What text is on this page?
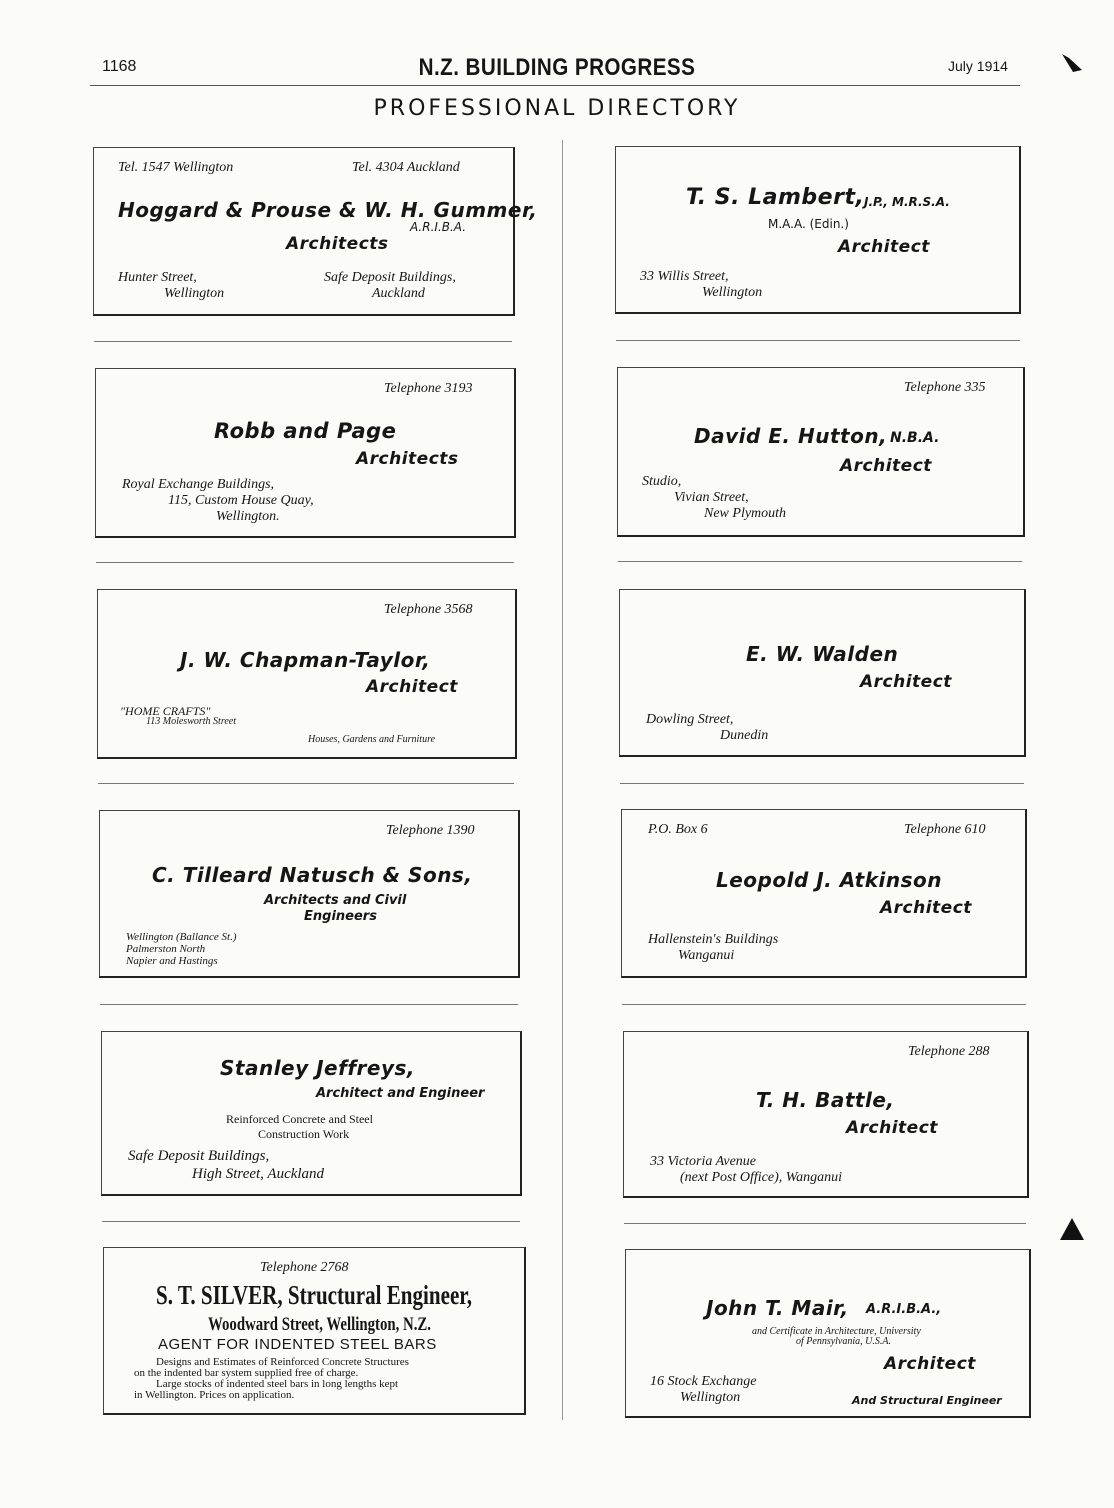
1168	N.Z. BUILDING PROGRESS	July 1914
PROFESSIONAL DIRECTORY
Tel. 1547 Wellington	Tel. 4304 Auckland
Hoggard & Prouse & W. H. Gummer,
A.R.I.B.A.
Architects
Hunter Street,
Wellington
Safe Deposit Buildings,
Auckland
T. S. Lambert, J.P., M.R.S.A.
M.A.A. (Edin.)
Architect
33 Willis Street,
Wellington
Telephone 3193
Robb and Page
Architects
Royal Exchange Buildings,
115, Custom House Quay,
Wellington.
Telephone 335
David E. Hutton, N.B.A.
Architect
Studio,
Vivian Street,
New Plymouth
Telephone 3568
J. W. Chapman-Taylor,
Architect
"HOME CRAFTS"
113 Molesworth Street
Houses, Gardens and Furniture
E. W. Walden
Architect
Dowling Street,
Dunedin
Telephone 1390
C. Tilleard Natusch & Sons,
Architects and Civil
Engineers
Wellington (Ballance St.)
Palmerston North
Napier and Hastings
P.O. Box 6	Telephone 610
Leopold J. Atkinson
Architect
Hallenstein's Buildings
Wanganui
Stanley Jeffreys,
Architect and Engineer
Reinforced Concrete and Steel
Construction Work
Safe Deposit Buildings,
High Street, Auckland
Telephone 288
T. H. Battle,
Architect
33 Victoria Avenue
(next Post Office), Wanganui
Telephone 2768
S. T. SILVER, Structural Engineer,
Woodward Street, Wellington, N.Z.
AGENT FOR INDENTED STEEL BARS
Designs and Estimates of Reinforced Concrete Structures
on the indented bar system supplied free of charge.
Large stocks of indented steel bars in long lengths kept
in Wellington. Prices on application.
John T. Mair, A.R.I.B.A.,
and Certificate in Architecture, University
of Pennsylvania, U.S.A.
Architect
16 Stock Exchange
Wellington	And Structural Engineer
